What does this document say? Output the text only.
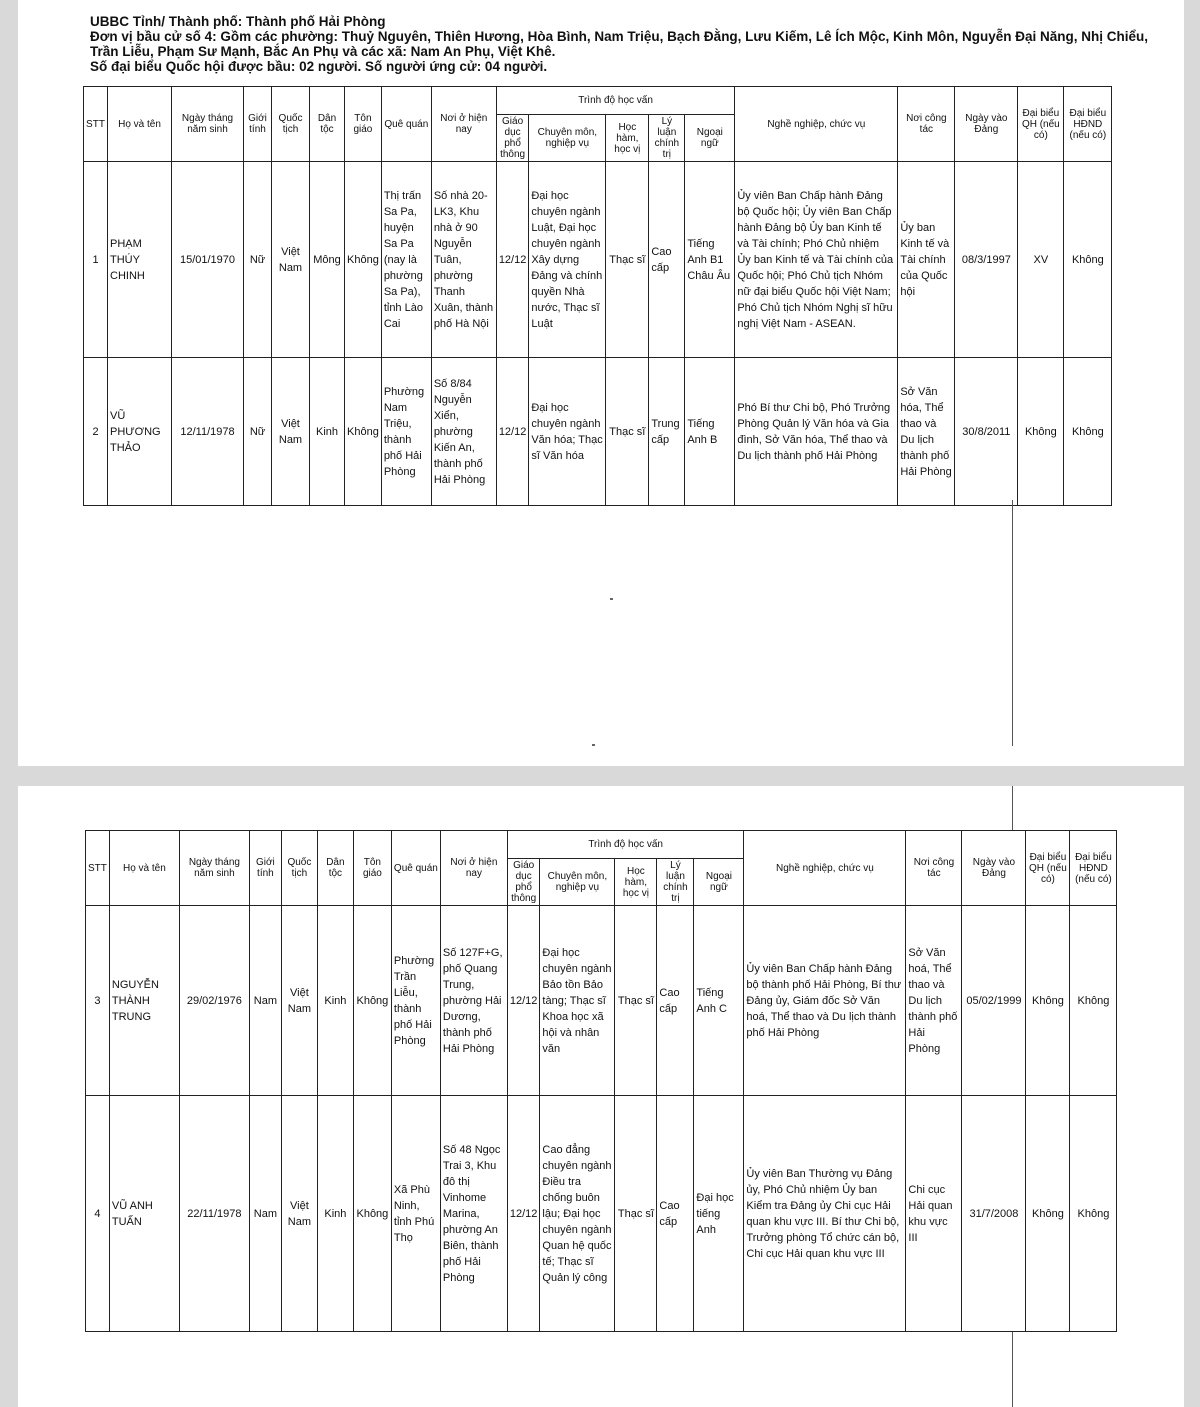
UBBC Tỉnh/ Thành phố: Thành phố Hải Phòng
Đơn vị bầu cử số 4: Gồm các phường: Thuỷ Nguyên, Thiên Hương, Hòa Bình, Nam Triệu, Bạch Đằng, Lưu Kiếm, Lê Ích Mộc, Kinh Môn, Nguyễn Đại Năng, Nhị Chiểu, Trần Liễu, Phạm Sư Mạnh, Bắc An Phụ và các xã: Nam An Phụ, Việt Khê.
Số đại biểu Quốc hội được bầu: 02 người. Số người ứng cử: 04 người.
STT	Họ và tên	Ngày tháng năm sinh	Giới tính	Quốc tịch	Dân tộc	Tôn giáo	Quê quán	Nơi ở hiện nay	Trình độ học vấn					Nghề nghiệp, chức vụ	Nơi công tác	Ngày vào Đảng	Đại biểu QH (nếu có)	Đại biểu HĐND (nếu có)
									Giáo dục phổ thông	Chuyên môn, nghiệp vụ	Học hàm, học vị	Lý luận chính trị	Ngoại ngữ					
1	PHẠM THÚY CHINH	15/01/1970	Nữ	Việt Nam	Mông	Không	Thị trấn Sa Pa, huyện Sa Pa (nay là phường Sa Pa), tỉnh Lào Cai	Số nhà 20-LK3, Khu nhà ở 90 Nguyễn Tuân, phường Thanh Xuân, thành phố Hà Nội	12/12	Đại học chuyên ngành Luật, Đại học chuyên ngành Xây dựng Đảng và chính quyền Nhà nước, Thạc sĩ Luật	Thạc sĩ	Cao cấp	Tiếng Anh B1 Châu Âu	Ủy viên Ban Chấp hành Đảng bộ Quốc hội; Ủy viên Ban Chấp hành Đảng bộ Ủy ban Kinh tế và Tài chính; Phó Chủ nhiệm Ủy ban Kinh tế và Tài chính của Quốc hội; Phó Chủ tịch Nhóm nữ đại biểu Quốc hội Việt Nam; Phó Chủ tịch Nhóm Nghị sĩ hữu nghị Việt Nam - ASEAN.	Ủy ban Kinh tế và Tài chính của Quốc hội	08/3/1997	XV	Không
2	VŨ PHƯƠNG THẢO	12/11/1978	Nữ	Việt Nam	Kinh	Không	Phường Nam Triệu, thành phố Hải Phòng	Số 8/84 Nguyễn Xiển, phường Kiến An, thành phố Hải Phòng	12/12	Đại học chuyên ngành Văn hóa; Thạc sĩ Văn hóa	Thạc sĩ	Trung cấp	Tiếng Anh B	Phó Bí thư Chi bộ, Phó Trưởng Phòng Quản lý Văn hóa và Gia đình, Sở Văn hóa, Thể thao và Du lịch thành phố Hải Phòng	Sở Văn hóa, Thể thao và Du lịch thành phố Hải Phòng	30/8/2011	Không	Không
STT	Họ và tên	Ngày tháng năm sinh	Giới tính	Quốc tịch	Dân tộc	Tôn giáo	Quê quán	Nơi ở hiện nay	Trình độ học vấn					Nghề nghiệp, chức vụ	Nơi công tác	Ngày vào Đảng	Đại biểu QH (nếu có)	Đại biểu HĐND (nếu có)
									Giáo dục phổ thông	Chuyên môn, nghiệp vụ	Học hàm, học vị	Lý luận chính trị	Ngoại ngữ					
3	NGUYỄN THÀNH TRUNG	29/02/1976	Nam	Việt Nam	Kinh	Không	Phường Trần Liễu, thành phố Hải Phòng	Số 127F+G, phố Quang Trung, phường Hải Dương, thành phố Hải Phòng	12/12	Đại học chuyên ngành Bảo tồn Bảo tàng; Thạc sĩ Khoa học xã hội và nhân văn	Thạc sĩ	Cao cấp	Tiếng Anh C	Ủy viên Ban Chấp hành Đảng bộ thành phố Hải Phòng, Bí thư Đảng ủy, Giám đốc Sở Văn hoá, Thể thao và Du lịch thành phố Hải Phòng	Sở Văn hoá, Thể thao và Du lịch thành phố Hải Phòng	05/02/1999	Không	Không
4	VŨ ANH TUẤN	22/11/1978	Nam	Việt Nam	Kinh	Không	Xã Phù Ninh, tỉnh Phú Thọ	Số 48 Ngọc Trai 3, Khu đô thị Vinhome Marina, phường An Biên, thành phố Hải Phòng	12/12	Cao đẳng chuyên ngành Điều tra chống buôn lậu; Đại học chuyên ngành Quan hệ quốc tế; Thạc sĩ Quản lý công	Thạc sĩ	Cao cấp	Đại học tiếng Anh	Ủy viên Ban Thường vụ Đảng ủy, Phó Chủ nhiệm Ủy ban Kiểm tra Đảng ủy Chi cục Hải quan khu vực III. Bí thư Chi bộ, Trưởng phòng Tổ chức cán bộ, Chi cục Hải quan khu vực III	Chi cục Hải quan khu vực III	31/7/2008	Không	Không
